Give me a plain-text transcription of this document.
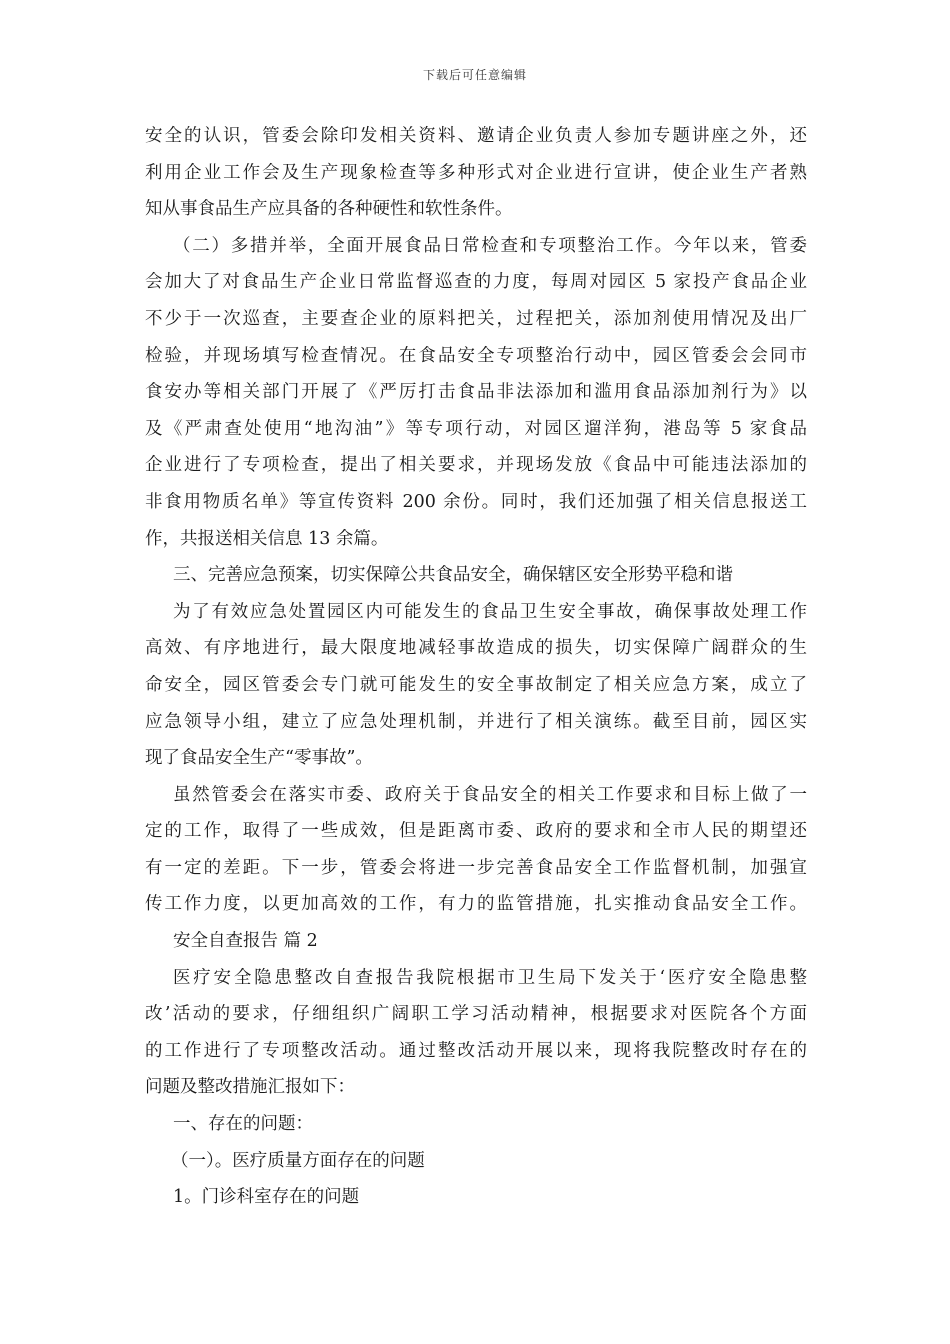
下载后可任意编辑
安全的认识，管委会除印发相关资料、邀请企业负责人参加专题讲座之外，还
利用企业工作会及生产现象检查等多种形式对企业进行宣讲，使企业生产者熟
知从事食品生产应具备的各种硬性和软性条件。
（二）多措并举，全面开展食品日常检查和专项整治工作。今年以来，管委
会加大了对食品生产企业日常监督巡查的力度，每周对园区 5 家投产食品企业
不少于一次巡查，主要查企业的原料把关，过程把关，添加剂使用情况及出厂
检验，并现场填写检查情况。在食品安全专项整治行动中，园区管委会会同市
食安办等相关部门开展了《严厉打击食品非法添加和滥用食品添加剂行为》以
及《严肃查处使用“地沟油”》等专项行动，对园区遛洋狗，港岛等 5 家食品
企业进行了专项检查，提出了相关要求，并现场发放《食品中可能违法添加的
非食用物质名单》等宣传资料 200 余份。同时，我们还加强了相关信息报送工
作，共报送相关信息 13 余篇。
三、完善应急预案，切实保障公共食品安全，确保辖区安全形势平稳和谐
为了有效应急处置园区内可能发生的食品卫生安全事故，确保事故处理工作
高效、有序地进行，最大限度地减轻事故造成的损失，切实保障广阔群众的生
命安全，园区管委会专门就可能发生的安全事故制定了相关应急方案，成立了
应急领导小组，建立了应急处理机制，并进行了相关演练。截至目前，园区实
现了食品安全生产“零事故”。
虽然管委会在落实市委、政府关于食品安全的相关工作要求和目标上做了一
定的工作，取得了一些成效，但是距离市委、政府的要求和全市人民的期望还
有一定的差距。下一步，管委会将进一步完善食品安全工作监督机制，加强宣
传工作力度，以更加高效的工作，有力的监管措施，扎实推动食品安全工作。
安全自查报告 篇 2
医疗安全隐患整改自查报告我院根据市卫生局下发关于‘医疗安全隐患整
改’活动的要求，仔细组织广阔职工学习活动精神，根据要求对医院各个方面
的工作进行了专项整改活动。通过整改活动开展以来，现将我院整改时存在的
问题及整改措施汇报如下：
一、存在的问题：
（一）。医疗质量方面存在的问题
1。门诊科室存在的问题
